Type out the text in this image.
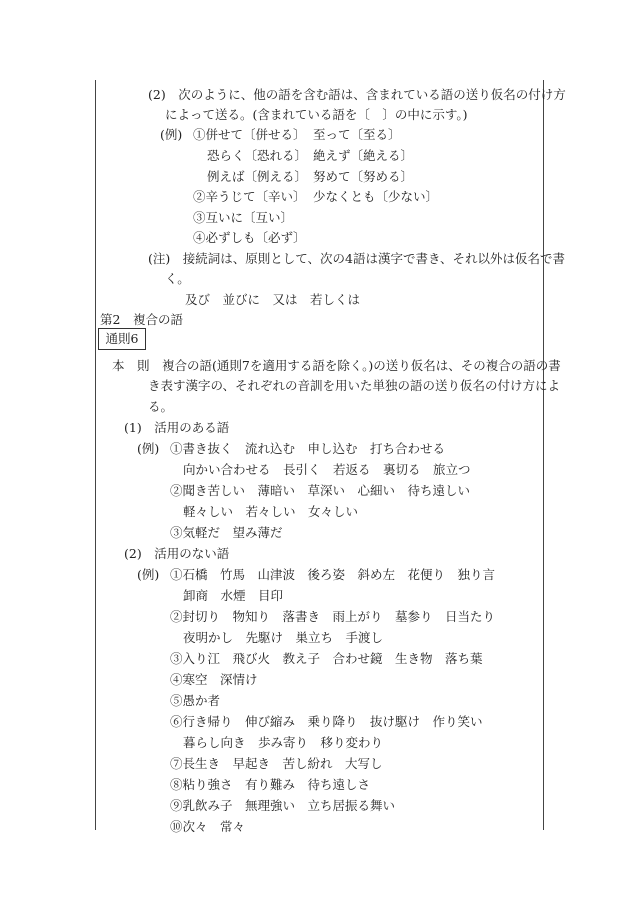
(2)　次のように、他の語を含む語は、含まれている語の送り仮名の付け方
によって送る。(含まれている語を〔　〕の中に示す。)
(例) ①併せて〔併せる〕 至って〔至る〕
恐らく〔恐れる〕 絶えず〔絶える〕
例えば〔例える〕 努めて〔努める〕
②辛うじて〔辛い〕 少なくとも〔少ない〕
③互いに〔互い〕
④必ずしも〔必ず〕
(注)　接続詞は、原則として、次の4語は漢字で書き、それ以外は仮名で書
く。
及び　並びに　又は　若しくは
第2　複合の語
通則6
本　則　複合の語(通則7を適用する語を除く。)の送り仮名は、その複合の語の書
き表す漢字の、それぞれの音訓を用いた単独の語の送り仮名の付け方によ
る。
(1)　活用のある語
(例) ①書き抜く　流れ込む　申し込む　打ち合わせる
向かい合わせる　長引く　若返る　裏切る　旅立つ
②聞き苦しい　薄暗い　草深い　心細い　待ち遠しい
軽々しい　若々しい　女々しい
③気軽だ　望み薄だ
(2)　活用のない語
(例) ①石橋　竹馬　山津波　後ろ姿　斜め左　花便り　独り言
卸商　水煙　目印
②封切り　物知り　落書き　雨上がり　墓参り　日当たり
夜明かし　先駆け　巣立ち　手渡し
③入り江　飛び火　教え子　合わせ鏡　生き物　落ち葉
④寒空　深情け
⑤愚か者
⑥行き帰り　伸び縮み　乗り降り　抜け駆け　作り笑い
暮らし向き　歩み寄り　移り変わり
⑦長生き　早起き　苦し紛れ　大写し
⑧粘り強さ　有り難み　待ち遠しさ
⑨乳飲み子　無理強い　立ち居振る舞い
⑩次々　常々
